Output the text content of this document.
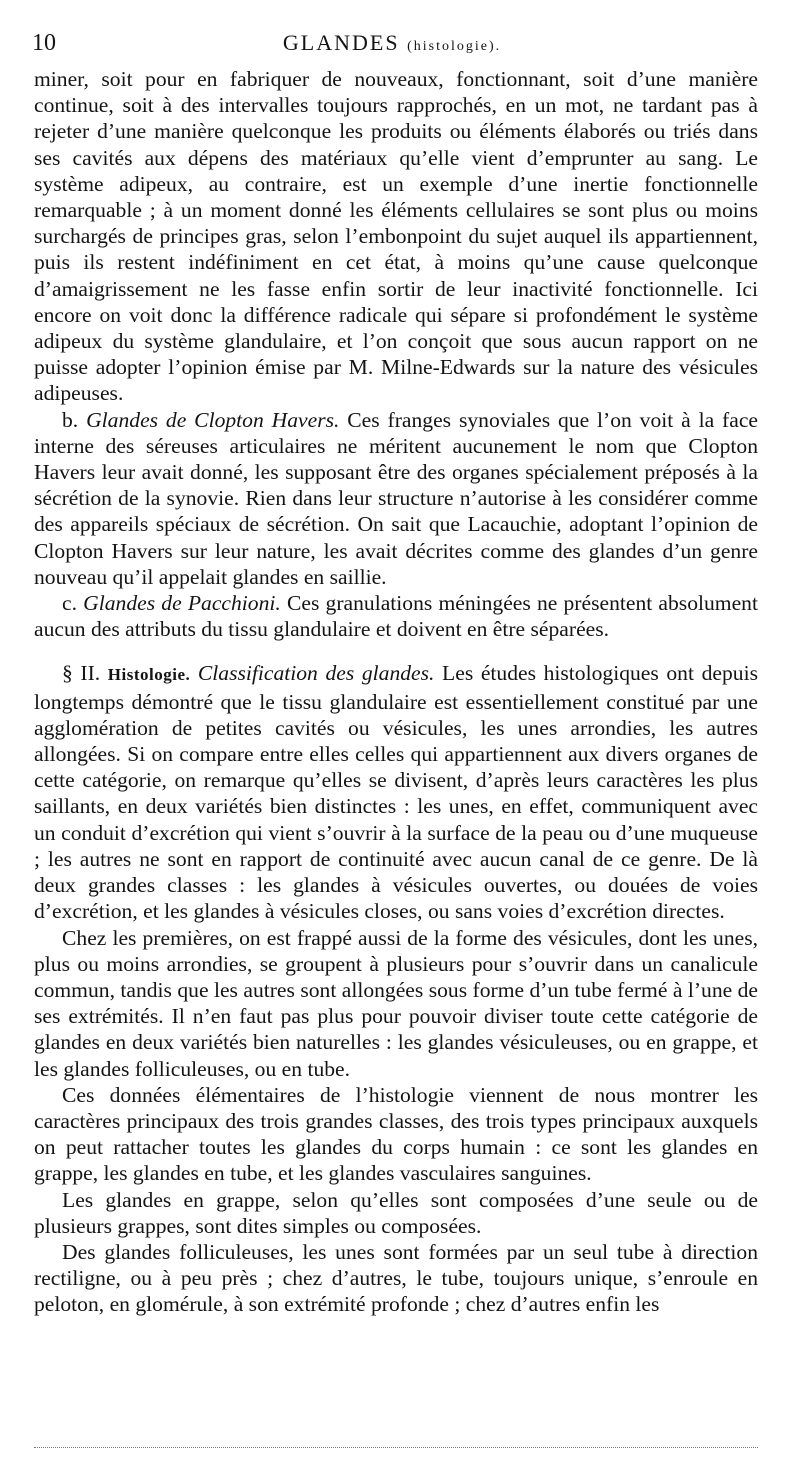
10	GLANDES (histologie).

miner, soit pour en fabriquer de nouveaux, fonctionnant, soit d’une manière continue, soit à des intervalles toujours rapprochés, en un mot, ne tardant pas à rejeter d’une manière quelconque les produits ou éléments élaborés ou triés dans ses cavités aux dépens des matériaux qu’elle vient d’emprunter au sang. Le système adipeux, au contraire, est un exemple d’une inertie fonctionnelle remarquable ; à un moment donné les éléments cellulaires se sont plus ou moins surchargés de principes gras, selon l’embonpoint du sujet auquel ils appartiennent, puis ils restent indéfiniment en cet état, à moins qu’une cause quelconque d’amaigrissement ne les fasse enfin sortir de leur inactivité fonctionnelle. Ici encore on voit donc la différence radicale qui sépare si profondément le système adipeux du système glandulaire, et l’on conçoit que sous aucun rapport on ne puisse adopter l’opinion émise par M. Milne-Edwards sur la nature des vésicules adipeuses.

b. Glandes de Clopton Havers. Ces franges synoviales que l’on voit à la face interne des séreuses articulaires ne méritent aucunement le nom que Clopton Havers leur avait donné, les supposant être des organes spécialement préposés à la sécrétion de la synovie. Rien dans leur structure n’autorise à les considérer comme des appareils spéciaux de sécrétion. On sait que Lacauchie, adoptant l’opinion de Clopton Havers sur leur nature, les avait décrites comme des glandes d’un genre nouveau qu’il appelait glandes en saillie.

c. Glandes de Pacchioni. Ces granulations méningées ne présentent absolument aucun des attributs du tissu glandulaire et doivent en être séparées.

§ II. Histologie. Classification des glandes. Les études histologiques ont depuis longtemps démontré que le tissu glandulaire est essentiellement constitué par une agglomération de petites cavités ou vésicules, les unes arrondies, les autres allongées. Si on compare entre elles celles qui appartiennent aux divers organes de cette catégorie, on remarque qu’elles se divisent, d’après leurs caractères les plus saillants, en deux variétés bien distinctes : les unes, en effet, communiquent avec un conduit d’excrétion qui vient s’ouvrir à la surface de la peau ou d’une muqueuse ; les autres ne sont en rapport de continuité avec aucun canal de ce genre. De là deux grandes classes : les glandes à vésicules ouvertes, ou douées de voies d’excrétion, et les glandes à vésicules closes, ou sans voies d’excrétion directes.

Chez les premières, on est frappé aussi de la forme des vésicules, dont les unes, plus ou moins arrondies, se groupent à plusieurs pour s’ouvrir dans un canalicule commun, tandis que les autres sont allongées sous forme d’un tube fermé à l’une de ses extrémités. Il n’en faut pas plus pour pouvoir diviser toute cette catégorie de glandes en deux variétés bien naturelles : les glandes vésiculeuses, ou en grappe, et les glandes folliculeuses, ou en tube.

Ces données élémentaires de l’histologie viennent de nous montrer les caractères principaux des trois grandes classes, des trois types principaux auxquels on peut rattacher toutes les glandes du corps humain : ce sont les glandes en grappe, les glandes en tube, et les glandes vasculaires sanguines.

Les glandes en grappe, selon qu’elles sont composées d’une seule ou de plusieurs grappes, sont dites simples ou composées.

Des glandes folliculeuses, les unes sont formées par un seul tube à direction rectiligne, ou à peu près ; chez d’autres, le tube, toujours unique, s’enroule en peloton, en glomérule, à son extrémité profonde ; chez d’autres enfin les
